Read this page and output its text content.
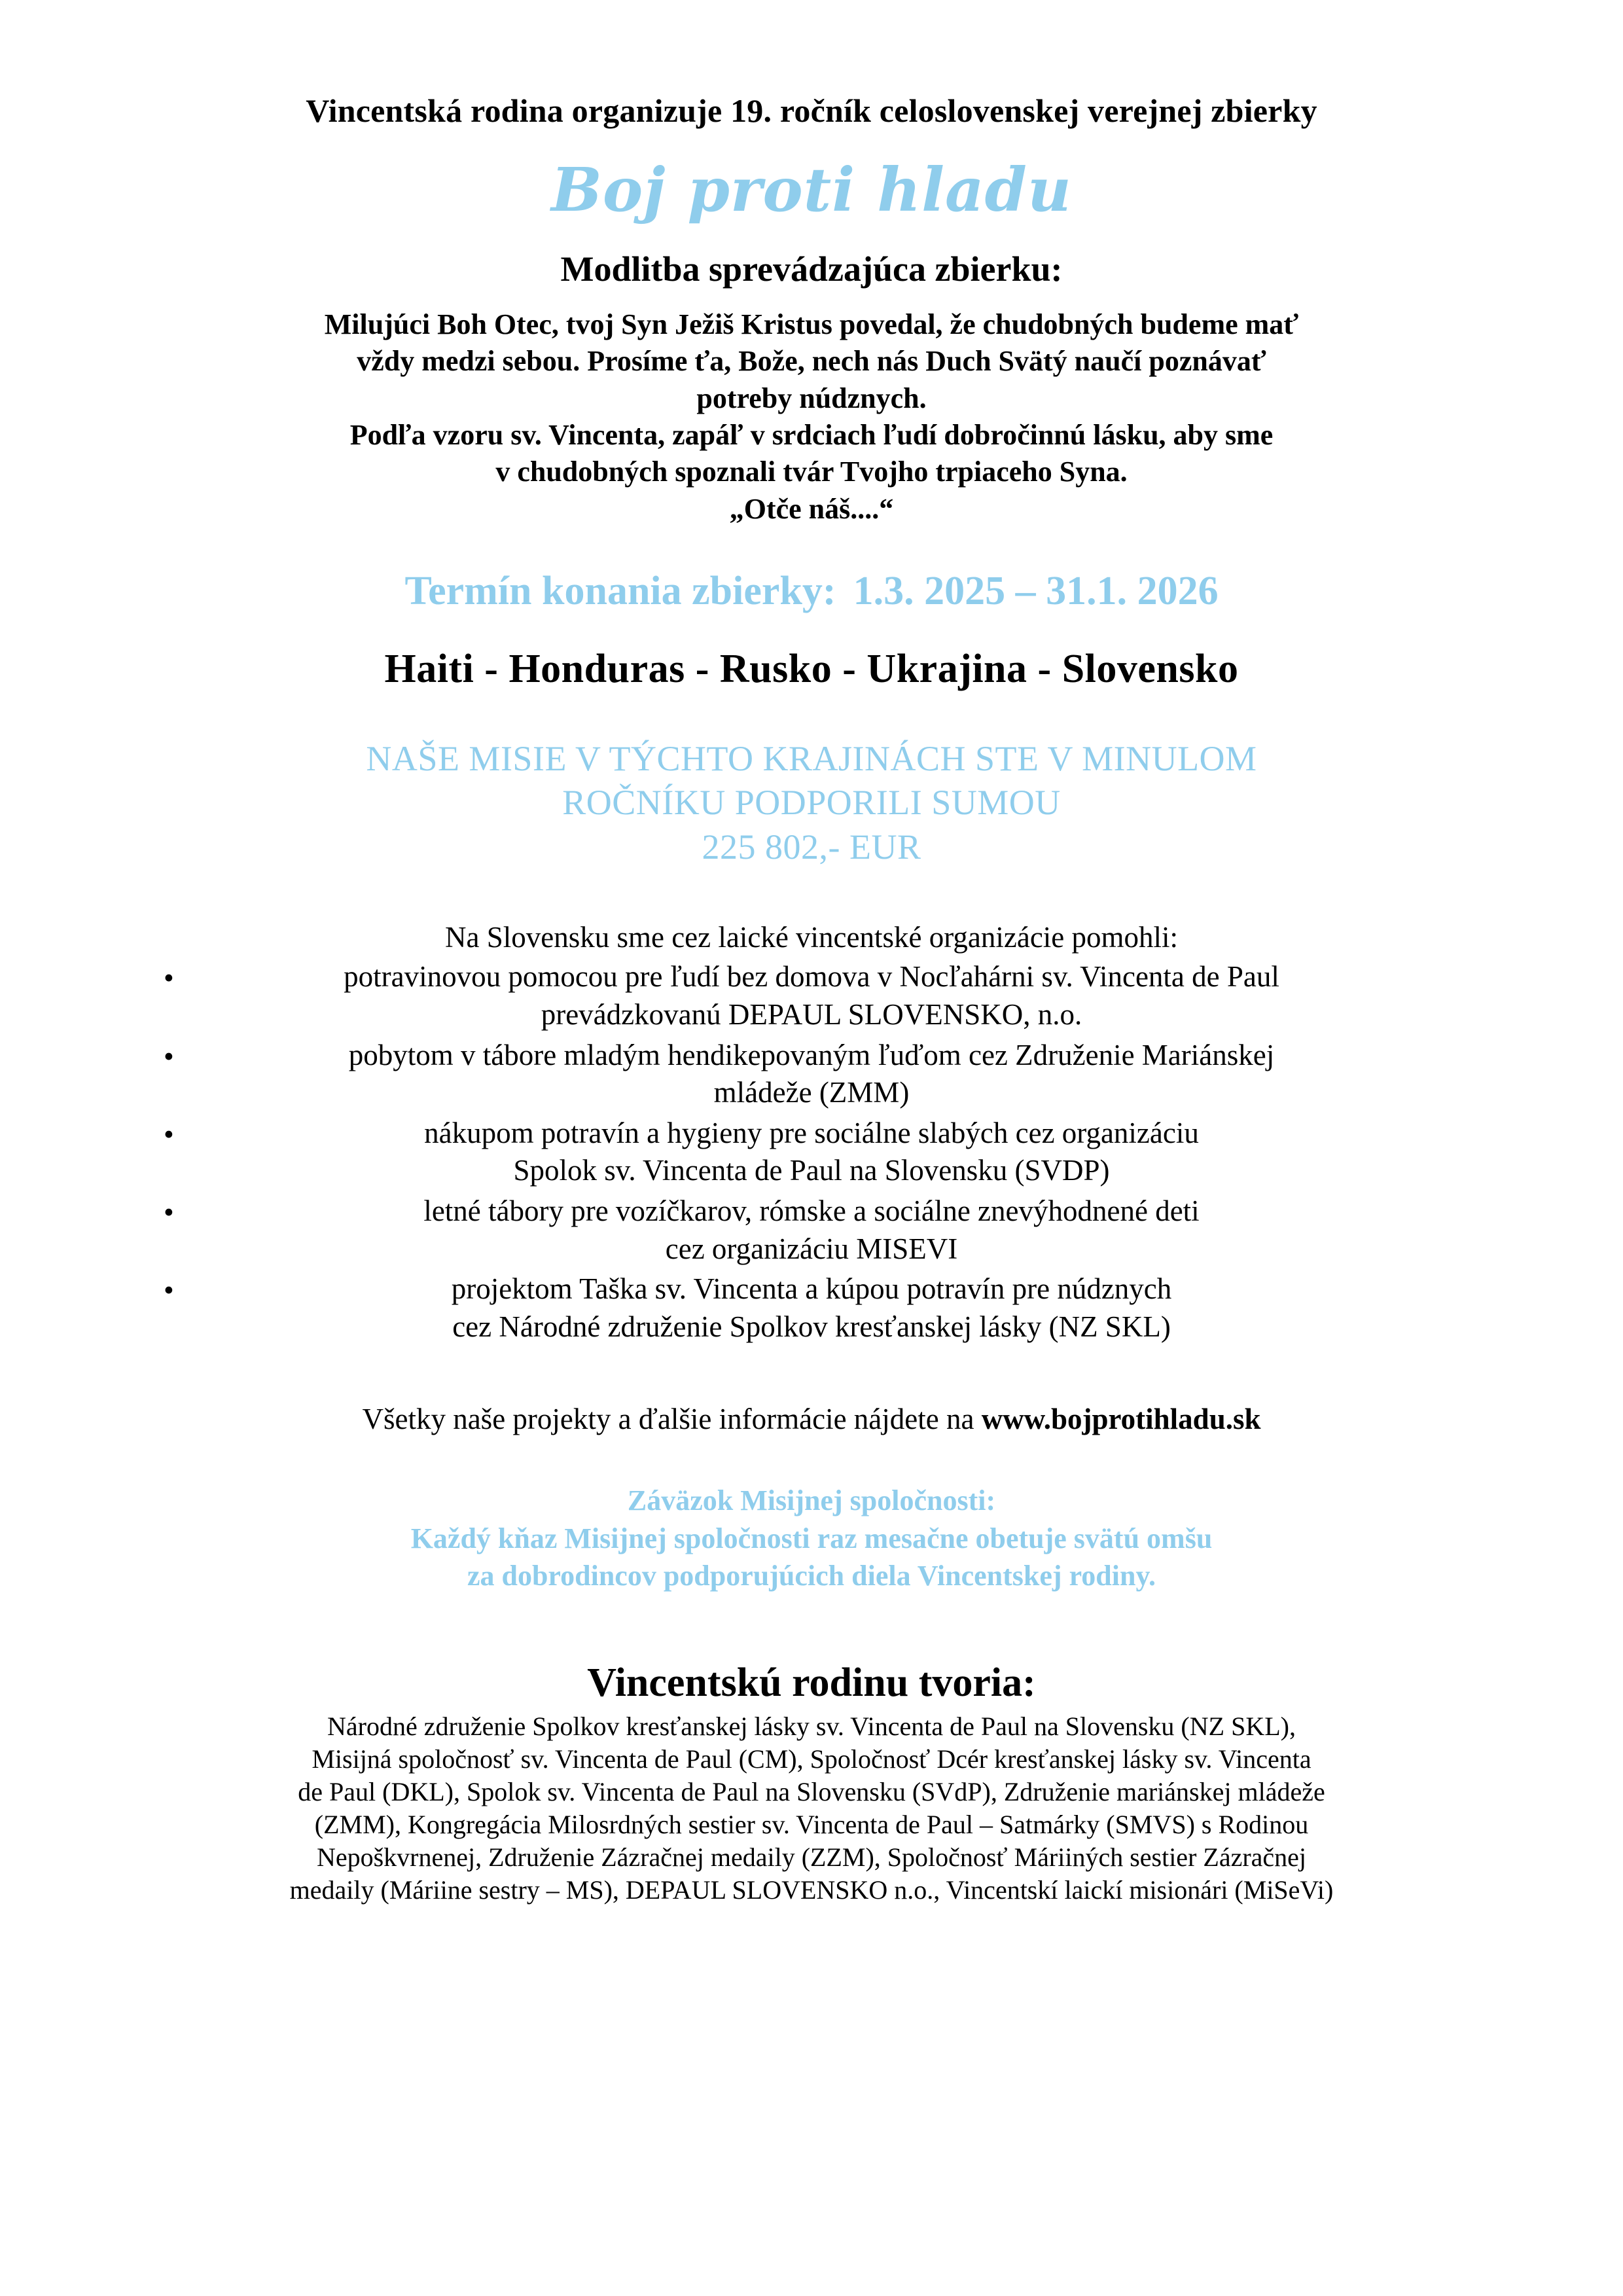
Vincentská rodina organizuje 19. ročník celoslovenskej verejnej zbierky
Boj proti hladu
Modlitba sprevádzajúca zbierku:

Milujúci Boh Otec, tvoj Syn Ježiš Kristus povedal, že chudobných budeme mať

vždy medzi sebou. Prosíme ťa, Bože, nech nás Duch Svätý naučí poznávať

potreby núdznych.

Podľa vzoru sv. Vincenta, zapáľ v srdciach ľudí dobročinnú lásku, aby sme

v chudobných spoznali tvár Tvojho trpiaceho Syna.

„Otče náš....“

Termín konania zbierky: 1.3. 2025 – 31.1. 2026
Haiti - Honduras - Rusko - Ukrajina - Slovensko

NAŠE MISIE V TÝCHTO KRAJINÁCH STE V MINULOM

ROČNÍKU PODPORILI SUMOU

225 802,- EUR

Na Slovensku sme cez laické vincentské organizácie pomohli:
•	potravinovou pomocou pre ľudí bez domova v Nocľahárni sv. Vincenta de Paul
prevádzkovanú DEPAUL SLOVENSKO, n.o.
•	pobytom v tábore mladým hendikepovaným ľuďom cez Združenie Mariánskej
mládeže (ZMM)
•	nákupom potravín a hygieny pre sociálne slabých cez organizáciu
Spolok sv. Vincenta de Paul na Slovensku (SVDP)
•	letné tábory pre vozíčkarov, rómske a sociálne znevýhodnené deti
cez organizáciu MISEVI
•	projektom Taška sv. Vincenta a kúpou potravín pre núdznych
cez Národné združenie Spolkov kresťanskej lásky (NZ SKL)
Všetky naše projekty a ďalšie informácie nájdete na www.bojprotihladu.sk

Záväzok Misijnej spoločnosti:

Každý kňaz Misijnej spoločnosti raz mesačne obetuje svätú omšu

za dobrodincov podporujúcich diela Vincentskej rodiny.

Vincentskú rodinu tvoria:

Národné združenie Spolkov kresťanskej lásky sv. Vincenta de Paul na Slovensku (NZ SKL),

Misijná spoločnosť sv. Vincenta de Paul (CM), Spoločnosť Dcér kresťanskej lásky sv. Vincenta

de Paul (DKL), Spolok sv. Vincenta de Paul na Slovensku (SVdP), Združenie mariánskej mládeže

(ZMM), Kongregácia Milosrdných sestier sv. Vincenta de Paul – Satmárky (SMVS) s Rodinou

Nepoškvrnenej, Združenie Zázračnej medaily (ZZM), Spoločnosť Máriiných sestier Zázračnej

medaily (Máriine sestry – MS), DEPAUL SLOVENSKO n.o., Vincentskí laickí misionári (MiSeVi)
